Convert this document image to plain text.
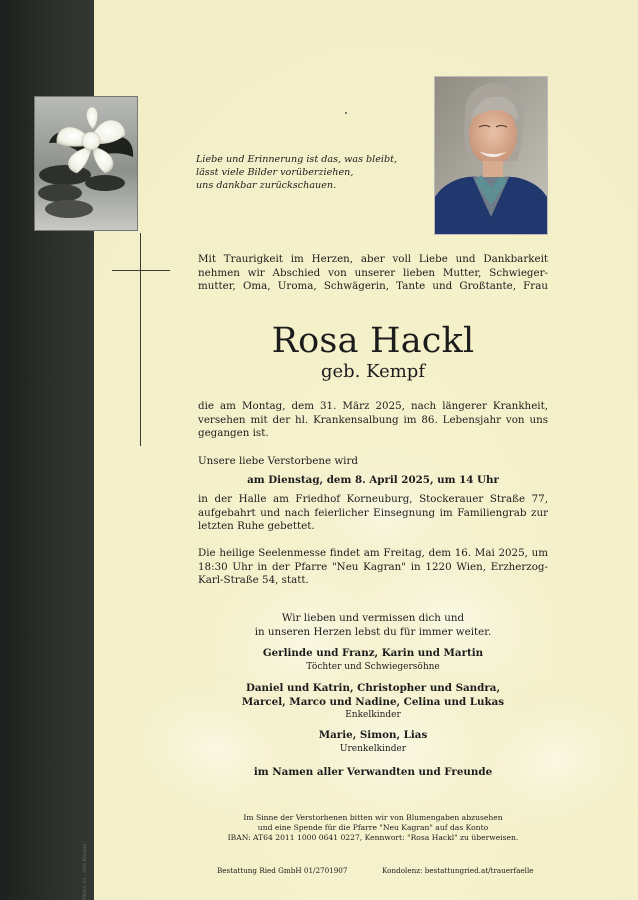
Motiv 32 · Alle Rechte
Liebe und Erinnerung ist das, was bleibt,
lässt viele Bilder vorüberziehen,
uns dankbar zurückschauen.
Mit Traurigkeit im Herzen, aber voll Liebe und Dankbarkeit
nehmen wir Abschied von unserer lieben Mutter, Schwieger-
mutter, Oma, Uroma, Schwägerin, Tante und Großtante, Frau
Rosa Hackl
geb. Kempf
die am Montag, dem 31. März 2025, nach längerer Krankheit,
versehen mit der hl. Krankensalbung im 86. Lebensjahr von uns
gegangen ist.
Unsere liebe Verstorbene wird
am Dienstag, dem 8. April 2025, um 14 Uhr
in der Halle am Friedhof Korneuburg, Stockerauer Straße 77,
aufgebahrt und nach feierlicher Einsegnung im Familiengrab zur
letzten Ruhe gebettet.
Die heilige Seelenmesse findet am Freitag, dem 16. Mai 2025, um
18:30 Uhr in der Pfarre "Neu Kagran" in 1220 Wien, Erzherzog-
Karl-Straße 54, statt.
Wir lieben und vermissen dich und
in unseren Herzen lebst du für immer weiter.
Gerlinde und Franz, Karin und Martin
Töchter und Schwiegersöhne
Daniel und Katrin, Christopher und Sandra,
Marcel, Marco und Nadine, Celina und Lukas
Enkelkinder
Marie, Simon, Lias
Urenkelkinder
im Namen aller Verwandten und Freunde
Im Sinne der Verstorbenen bitten wir von Blumengaben abzusehen
und eine Spende für die Pfarre "Neu Kagran" auf das Konto
IBAN: AT64 2011 1000 0641 0227, Kennwort: "Rosa Hackl" zu überweisen.
Bestattung Ried GmbH 01/2701907	Kondolenz: bestattungried.at/trauerfaelle
